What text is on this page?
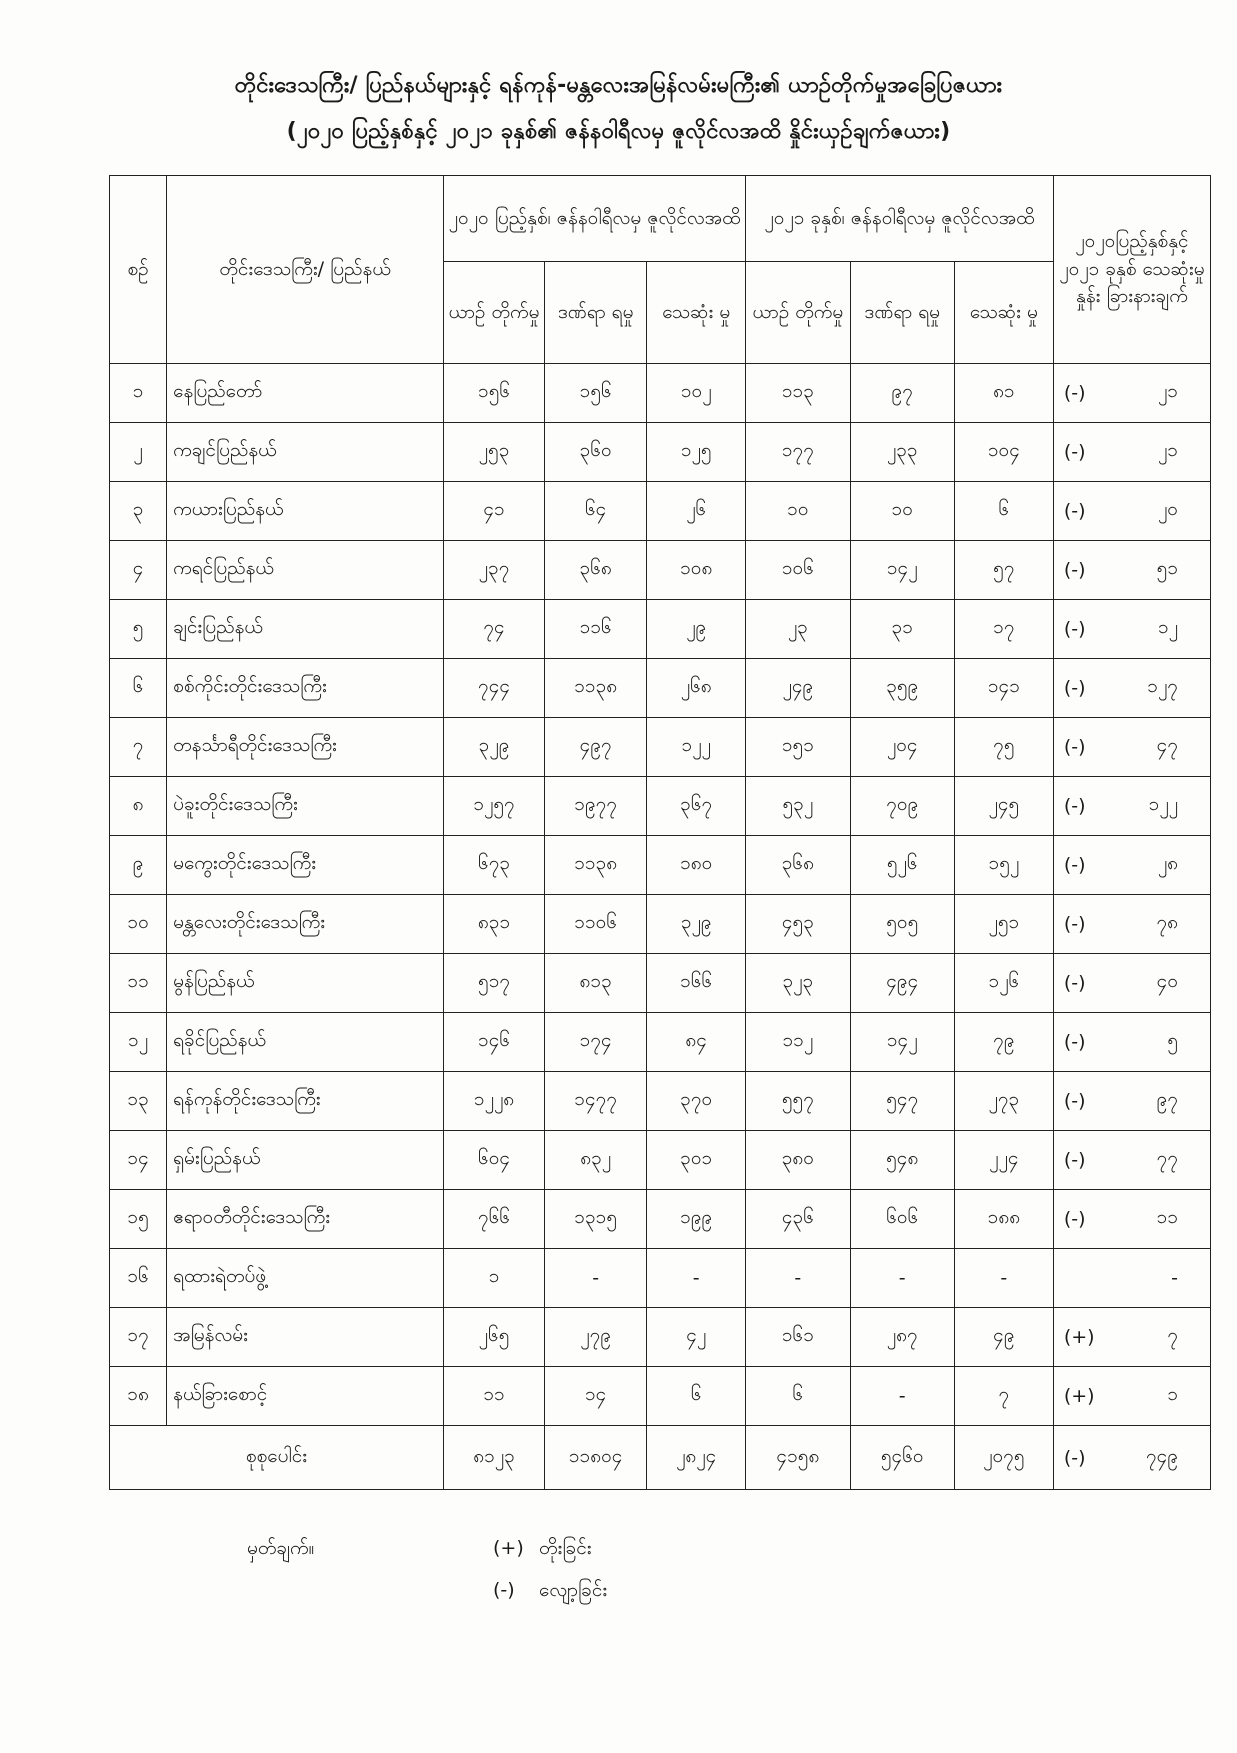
တိုင်းဒေသကြီး/ ပြည်နယ်များနှင့် ရန်ကုန်-မန္တလေးအမြန်လမ်းမကြီး၏ ယာဉ်တိုက်မှုအခြေပြဇယား
(၂၀၂၀ ပြည့်နှစ်နှင့် ၂၀၂၁ ခုနှစ်၏ ဇန်နဝါရီလမှ ဇူလိုင်လအထိ နှိုင်းယှဉ်ချက်ဇယား)
စဉ်	တိုင်းဒေသကြီး/ ပြည်နယ်	၂၀၂၀ ပြည့်နှစ်၊ ဇန်နဝါရီလမှ ဇူလိုင်လအထိ			၂၀၂၁ ခုနှစ်၊ ဇန်နဝါရီလမှ ဇူလိုင်လအထိ			၂၀၂၀ပြည့်နှစ်နှင့် ၂၀၂၁ ခုနှစ် သေဆုံးမှုနှုန်း ခြားနားချက်
		ယာဉ် တိုက်မှု	ဒဏ်ရာ ရမှု	သေဆုံး မှု	ယာဉ် တိုက်မှု	ဒဏ်ရာ ရမှု	သေဆုံး မှု	
၁	နေပြည်တော်	၁၅၆	၁၅၆	၁၀၂	၁၁၃	၉၇	၈၁	(-) ၂၁

၂	ကချင်ပြည်နယ်	၂၅၃	၃၆၀	၁၂၅	၁၇၇	၂၃၃	၁၀၄	(-) ၂၁

၃	ကယားပြည်နယ်	၄၁	၆၄	၂၆	၁၀	၁၀	၆	(-) ၂၀

၄	ကရင်ပြည်နယ်	၂၃၇	၃၆၈	၁၀၈	၁၀၆	၁၄၂	၅၇	(-) ၅၁

၅	ချင်းပြည်နယ်	၇၄	၁၁၆	၂၉	၂၃	၃၁	၁၇	(-) ၁၂

၆	စစ်ကိုင်းတိုင်းဒေသကြီး	၇၄၄	၁၁၃၈	၂၆၈	၂၄၉	၃၅၉	၁၄၁	(-) ၁၂၇

၇	တနင်္သာရီတိုင်းဒေသကြီး	၃၂၉	၄၉၇	၁၂၂	၁၅၁	၂၀၄	၇၅	(-) ၄၇

၈	ပဲခူးတိုင်းဒေသကြီး	၁၂၅၇	၁၉၇၇	၃၆၇	၅၃၂	၇၀၉	၂၄၅	(-) ၁၂၂

၉	မကွေးတိုင်းဒေသကြီး	၆၇၃	၁၁၃၈	၁၈၀	၃၆၈	၅၂၆	၁၅၂	(-) ၂၈

၁၀	မန္တလေးတိုင်းဒေသကြီး	၈၃၁	၁၁၀၆	၃၂၉	၄၅၃	၅၀၅	၂၅၁	(-) ၇၈

၁၁	မွန်ပြည်နယ်	၅၁၇	၈၁၃	၁၆၆	၃၂၃	၄၉၄	၁၂၆	(-) ၄၀

၁၂	ရခိုင်ပြည်နယ်	၁၄၆	၁၇၄	၈၄	၁၁၂	၁၄၂	၇၉	(-) ၅

၁၃	ရန်ကုန်တိုင်းဒေသကြီး	၁၂၂၈	၁၄၇၇	၃၇၀	၅၅၇	၅၄၇	၂၇၃	(-) ၉၇

၁၄	ရှမ်းပြည်နယ်	၆၀၄	၈၃၂	၃၀၁	၃၈၀	၅၄၈	၂၂၄	(-) ၇၇

၁၅	ဧရာဝတီတိုင်းဒေသကြီး	၇၆၆	၁၃၁၅	၁၉၉	၄၃၆	၆၀၆	၁၈၈	(-) ၁၁

၁၆	ရထားရဲတပ်ဖွဲ့	၁	-	-	-	-	-	-

၁၇	အမြန်လမ်း	၂၆၅	၂၇၉	၄၂	၁၆၁	၂၈၇	၄၉	(+) ၇

၁၈	နယ်ခြားစောင့်	၁၁	၁၄	၆	၆	-	၇	(+) ၁

စုစုပေါင်း		၈၁၂၃	၁၁၈၀၄	၂၈၂၄	၄၁၅၈	၅၄၆၀	၂၀၇၅	(-) ၇၄၉
မှတ်ချက်။	(+) တိုးခြင်း
(-) လျော့ခြင်း
